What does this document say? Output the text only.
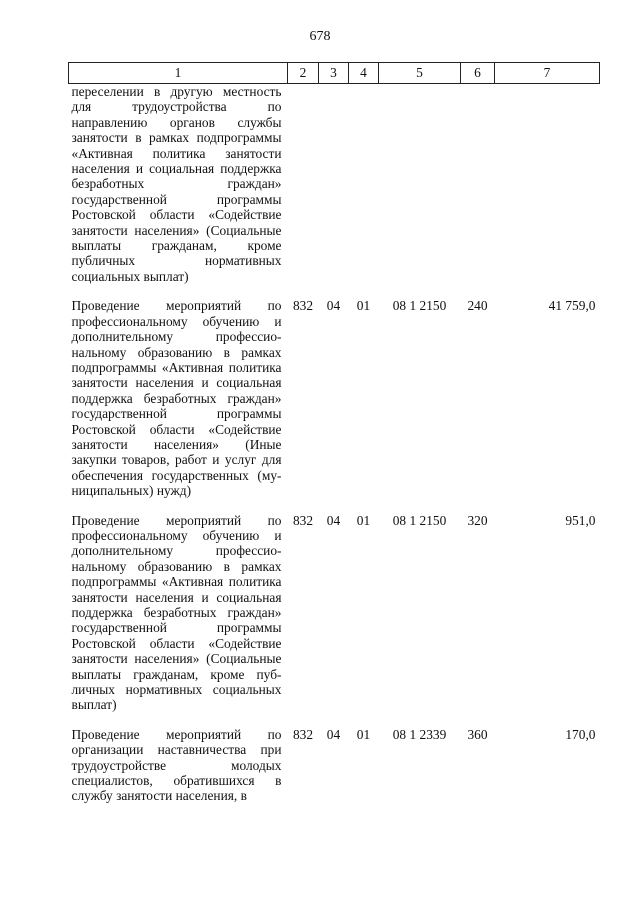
678
1	2	3	4	5	6	7
переселении в другую местность для трудоустройства по направлению органов службы занятости в рамках подпрограммы «Активная политика занятости населения и социальная поддержка безработных граждан» государственной программы Ростовской области «Содействие занятости населения» (Социальные выплаты гражданам, кроме публичных нормативных социальных выплат)						
Проведение мероприятий по профессиональному обучению и дополнительному профессиональному образованию в рамках подпрограммы «Активная политика занятости населения и социальная поддержка безработных граждан» государственной программы Ростовской области «Содействие занятости населения» (Иные закупки товаров, работ и услуг для обеспечения государственных (муниципальных) нужд)	832	04	01	08 1 2150	240	41 759,0
Проведение мероприятий по профессиональному обучению и дополнительному профессиональному образованию в рамках подпрограммы «Активная политика занятости населения и социальная поддержка безработных граждан» государственной программы Ростовской области «Содействие занятости населения» (Социальные выплаты гражданам, кроме публичных нормативных социальных выплат)	832	04	01	08 1 2150	320	951,0
Проведение мероприятий по организации наставничества при трудоустройстве молодых специалистов, обратившихся в службу занятости населения, в	832	04	01	08 1 2339	360	170,0
